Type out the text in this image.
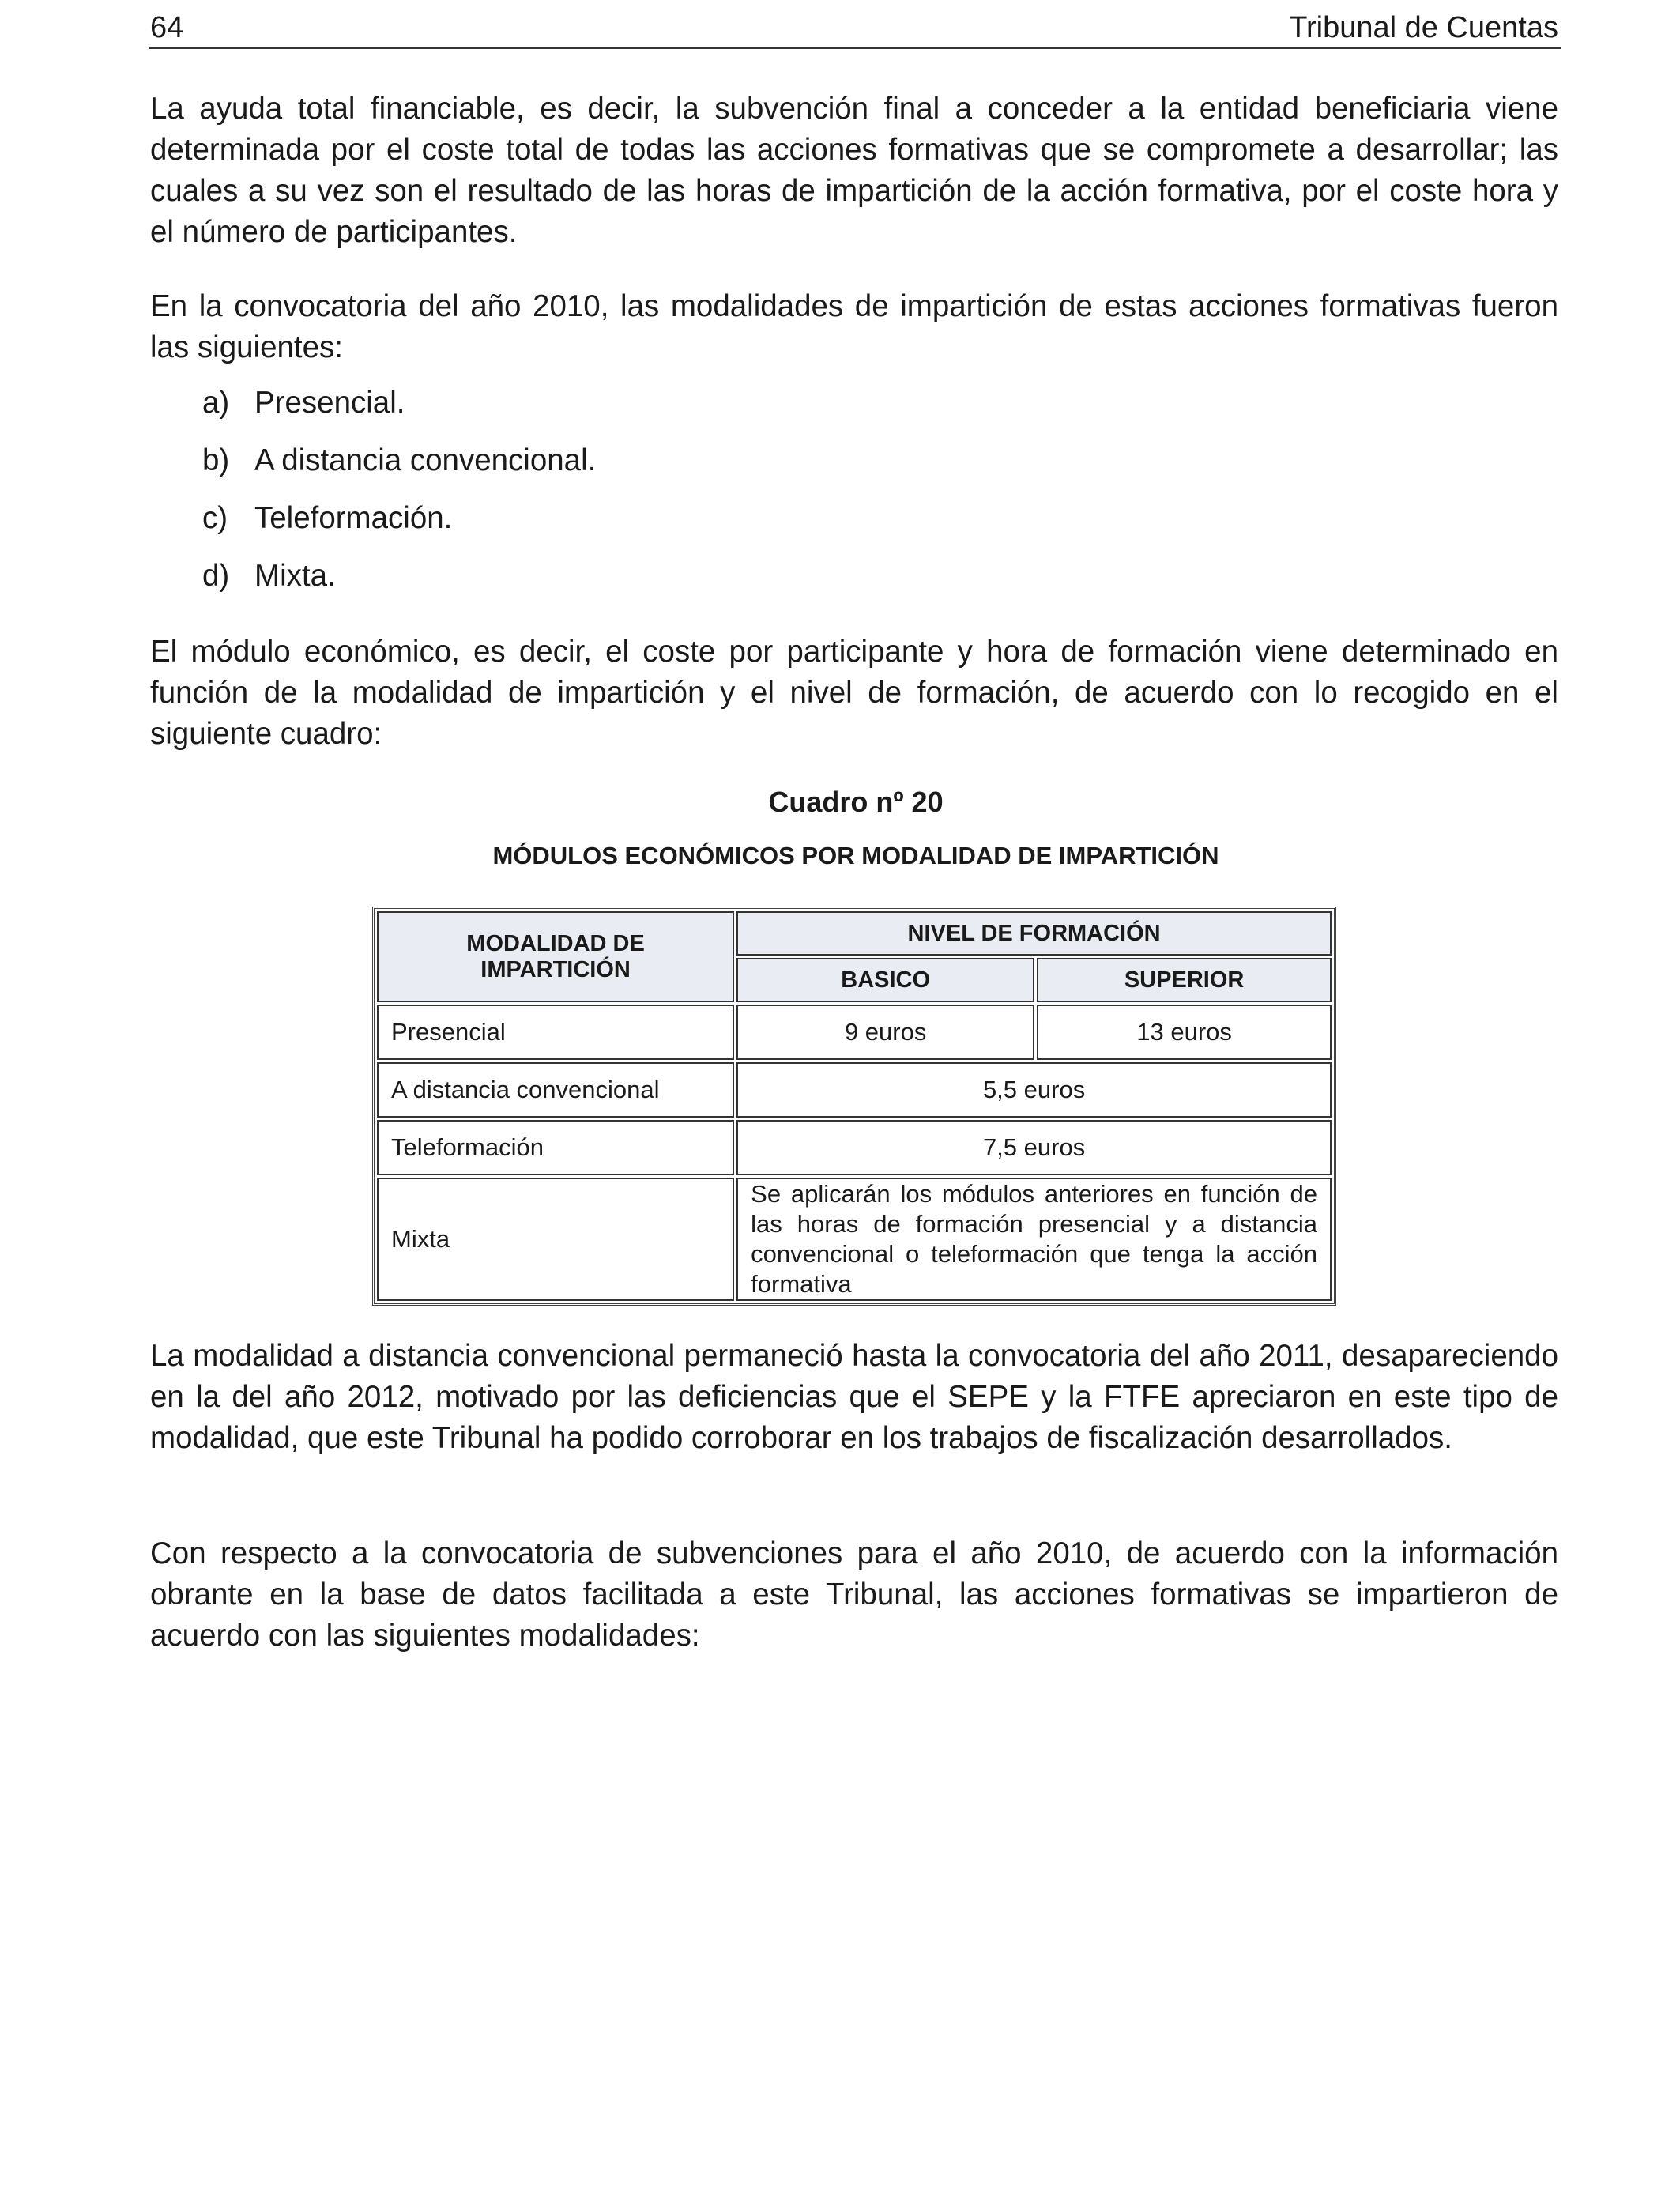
64	Tribunal de Cuentas

La ayuda total financiable, es decir, la subvención final a conceder a la entidad beneficiaria viene determinada por el coste total de todas las acciones formativas que se compromete a desarrollar; las cuales a su vez son el resultado de las horas de impartición de la acción formativa, por el coste hora y el número de participantes.

En la convocatoria del año 2010, las modalidades de impartición de estas acciones formativas fueron las siguientes:

a) Presencial.
b) A distancia convencional.
c) Teleformación.
d) Mixta.

El módulo económico, es decir, el coste por participante y hora de formación viene determinado en función de la modalidad de impartición y el nivel de formación, de acuerdo con lo recogido en el siguiente cuadro:

Cuadro nº 20
MÓDULOS ECONÓMICOS POR MODALIDAD DE IMPARTICIÓN
MODALIDAD DE IMPARTICIÓN	NIVEL DE FORMACIÓN	
	BASICO	SUPERIOR
Presencial	9 euros	13 euros
A distancia convencional	5,5 euros	
Teleformación	7,5 euros	
Mixta	Se aplicarán los módulos anteriores en función de las horas de formación presencial y a distancia convencional o teleformación que tenga la acción formativa	

La modalidad a distancia convencional permaneció hasta la convocatoria del año 2011, desapareciendo en la del año 2012, motivado por las deficiencias que el SEPE y la FTFE apreciaron en este tipo de modalidad, que este Tribunal ha podido corroborar en los trabajos de fiscalización desarrollados.

Con respecto a la convocatoria de subvenciones para el año 2010, de acuerdo con la información obrante en la base de datos facilitada a este Tribunal, las acciones formativas se impartieron de acuerdo con las siguientes modalidades:
